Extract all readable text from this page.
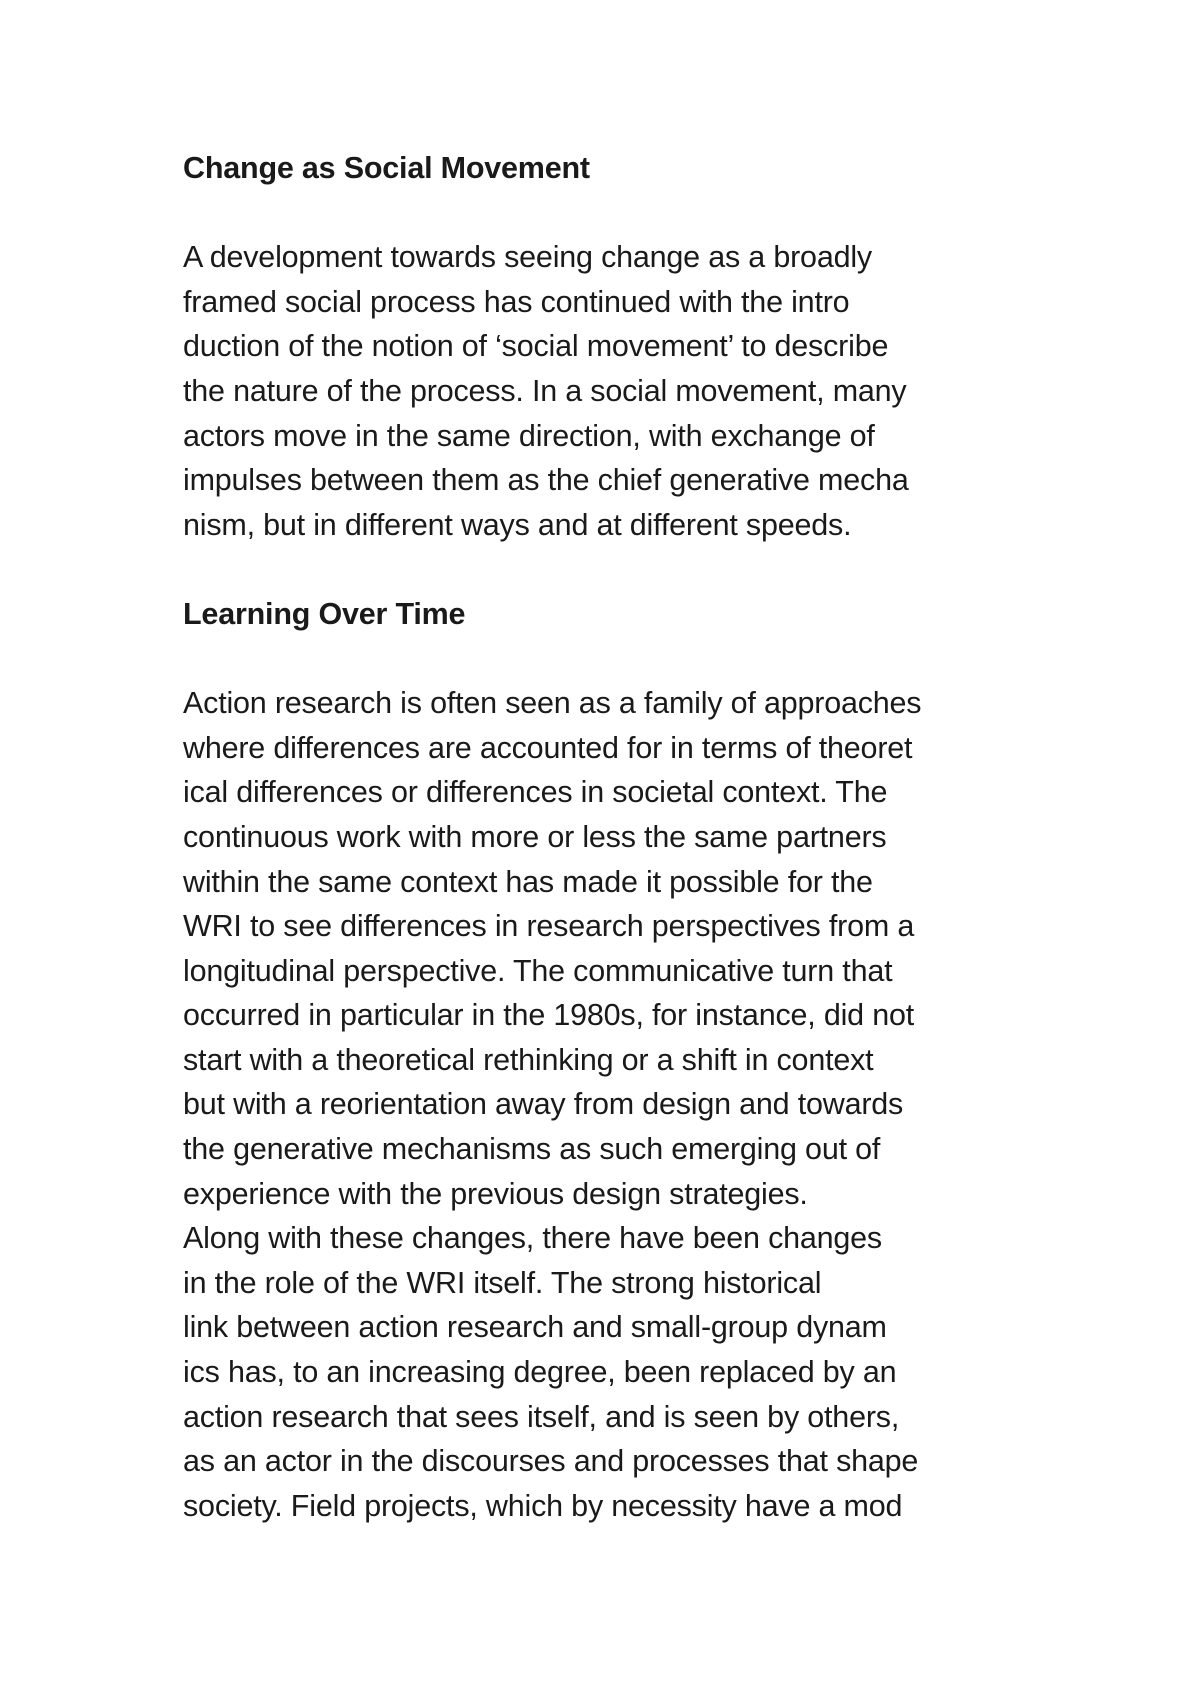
Change as Social Movement
A development towards seeing change as a broadly
framed social process has continued with the intro
duction of the notion of ‘social movement’ to describe
the nature of the process. In a social movement, many
actors move in the same direction, with exchange of
impulses between them as the chief generative mecha
nism, but in different ways and at different speeds.
Learning Over Time
Action research is often seen as a family of approaches
where differences are accounted for in terms of theoret
ical differences or differences in societal context. The
continuous work with more or less the same partners
within the same context has made it possible for the
WRI to see differences in research perspectives from a
longitudinal perspective. The communicative turn that
occurred in particular in the 1980s, for instance, did not
start with a theoretical rethinking or a shift in context
but with a reorientation away from design and towards
the generative mechanisms as such emerging out of
experience with the previous design strategies.
Along with these changes, there have been changes
in the role of the WRI itself. The strong historical
link between action research and small-group dynam
ics has, to an increasing degree, been replaced by an
action research that sees itself, and is seen by others,
as an actor in the discourses and processes that shape
society. Field projects, which by necessity have a mod
